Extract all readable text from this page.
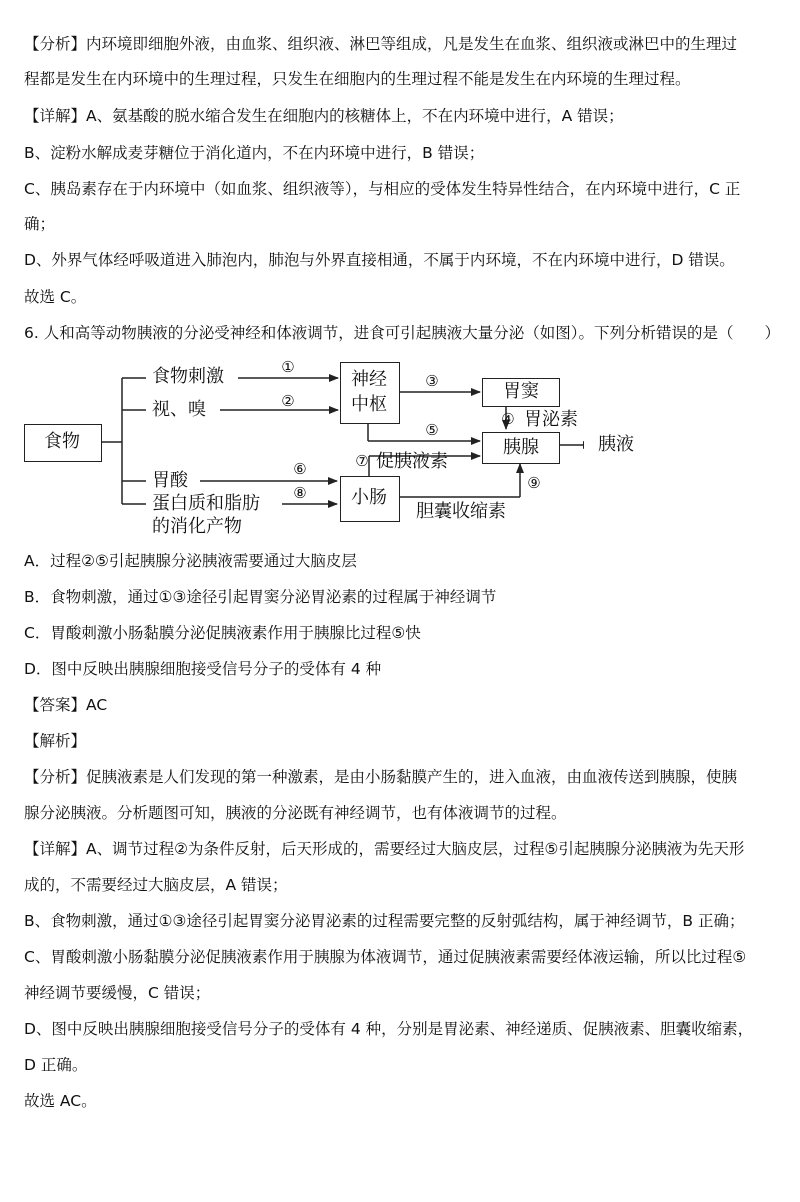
【分析】内环境即细胞外液，由血浆、组织液、淋巴等组成，凡是发生在血浆、组织液或淋巴中的生理过
程都是发生在内环境中的生理过程，只发生在细胞内的生理过程不能是发生在内环境的生理过程。
【详解】A、氨基酸的脱水缩合发生在细胞内的核糖体上，不在内环境中进行，A 错误；
B、淀粉水解成麦芽糖位于消化道内，不在内环境中进行，B 错误；
C、胰岛素存在于内环境中（如血浆、组织液等），与相应的受体发生特异性结合，在内环境中进行，C 正
确；
D、外界气体经呼吸道进入肺泡内，肺泡与外界直接相通，不属于内环境，不在内环境中进行，D 错误。
故选 C。
6. 人和高等动物胰液的分泌受神经和体液调节，进食可引起胰液大量分泌（如图）。下列分析错误的是（　　）
食物
食物刺激
视、嗅
胃酸
蛋白质和脂肪
的消化产物
神经
中枢
胃窦
胃泌素
胰腺	胰液
小肠
促胰液素
胆囊收缩素
①
②
③
④
⑤
⑥	⑦
⑧
⑨
A．过程②⑤引起胰腺分泌胰液需要通过大脑皮层
B．食物刺激，通过①③途径引起胃窦分泌胃泌素的过程属于神经调节
C．胃酸刺激小肠黏膜分泌促胰液素作用于胰腺比过程⑤快
D．图中反映出胰腺细胞接受信号分子的受体有 4 种
【答案】AC
【解析】
【分析】促胰液素是人们发现的第一种激素，是由小肠黏膜产生的，进入血液，由血液传送到胰腺，使胰
腺分泌胰液。分析题图可知，胰液的分泌既有神经调节，也有体液调节的过程。
【详解】A、调节过程②为条件反射，后天形成的，需要经过大脑皮层，过程⑤引起胰腺分泌胰液为先天形
成的，不需要经过大脑皮层，A 错误；
B、食物刺激，通过①③途径引起胃窦分泌胃泌素的过程需要完整的反射弧结构，属于神经调节，B 正确；
C、胃酸刺激小肠黏膜分泌促胰液素作用于胰腺为体液调节，通过促胰液素需要经体液运输，所以比过程⑤
神经调节要缓慢，C 错误；
D、图中反映出胰腺细胞接受信号分子的受体有 4 种，分别是胃泌素、神经递质、促胰液素、胆囊收缩素，
D 正确。
故选 AC。
